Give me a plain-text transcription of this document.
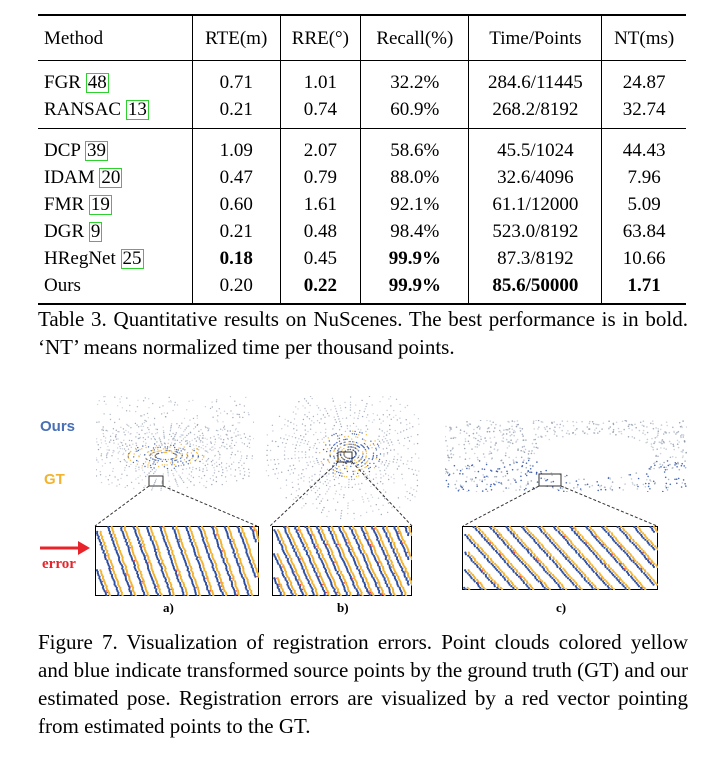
Method	RTE(m)	RRE(°)	Recall(%)	Time/Points	NT(ms)
FGR 48	0.71	1.01	32.2%	284.6/11445	24.87
RANSAC 13	0.21	0.74	60.9%	268.2/8192	32.74
DCP 39	1.09	2.07	58.6%	45.5/1024	44.43
IDAM 20	0.47	0.79	88.0%	32.6/4096	7.96
FMR 19	0.60	1.61	92.1%	61.1/12000	5.09
DGR 9	0.21	0.48	98.4%	523.0/8192	63.84
HRegNet 25	0.18	0.45	99.9%	87.3/8192	10.66
Ours	0.20	0.22	99.9%	85.6/50000	1.71
Table 3. Quantitative results on NuScenes. The best performance is in bold. ‘NT’ means normalized time per thousand points.
Ours
GT
error
a)	b)	c)
Figure 7. Visualization of registration errors. Point clouds colored yellow and blue indicate transformed source points by the ground truth (GT) and our estimated pose. Registration errors are visualized by a red vector pointing from estimated points to the GT.
